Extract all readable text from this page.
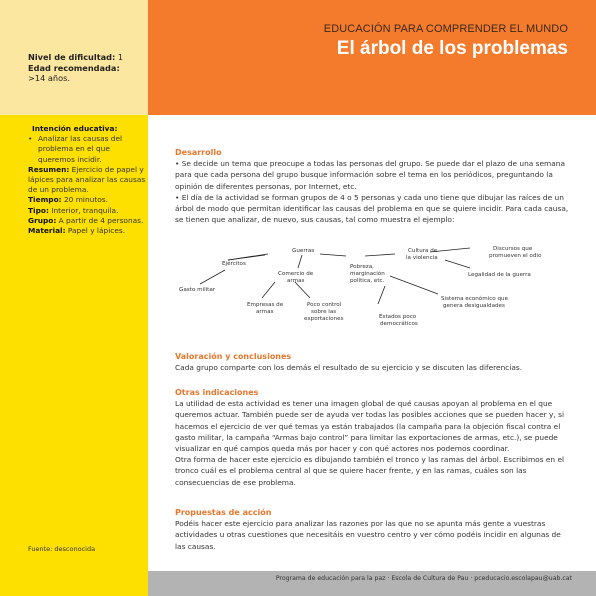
EDUCACIÓN PARA COMPRENDER EL MUNDO
El árbol de los problemas
Nivel de dificultad: 1
Edad recomendada:
>14 años.
Intención educativa:
• Analizar las causas del problema en el que queremos incidir.
Resumen: Ejercicio de papel y lápices para analizar las causas de un problema.
Tiempo: 20 minutos.
Tipo: Interior, tranquila.
Grupo: A partir de 4 personas.
Material: Papel y lápices.
Fuente: desconocida
Desarrollo

• Se decide un tema que preocupe a todas las personas del grupo. Se puede dar el plazo de una semana para que cada persona del grupo busque información sobre el tema en los periódicos, preguntando la opinión de diferentes personas, por Internet, etc.

• El día de la actividad se forman grupos de 4 o 5 personas y cada uno tiene que dibujar las raíces de un árbol de modo que permitan identificar las causas del problema en que se quiere incidir. Para cada causa, se tienen que analizar, de nuevo, sus causas, tal como muestra el ejemplo:

Guerras
Ejércitos
Gasto militar
Comercio de
armas
Empresas de
armas
Poco control
sobre las
exportaciones
Pobreza,
marginación
política, etc.
Estados poco
democráticos
Cultura de
la violencia
Discursos que
promueven el odio
Legalidad de la guerra
Sistema económico que
genera desigualdades
Valoración y conclusiones

Cada grupo comparte con los demás el resultado de su ejercicio y se discuten las diferencias.

Otras indicaciones

La utilidad de esta actividad es tener una imagen global de qué causas apoyan al problema en el que queremos actuar. También puede ser de ayuda ver todas las posibles acciones que se pueden hacer y, si hacemos el ejercicio de ver qué temas ya están trabajados (la campaña para la objeción fiscal contra el gasto militar, la campaña “Armas bajo control” para limitar las exportaciones de armas, etc.), se puede visualizar en qué campos queda más por hacer y con qué actores nos podemos coordinar.

Otra forma de hacer este ejercicio es dibujando también el tronco y las ramas del árbol. Escribimos en el tronco cuál es el problema central al que se quiere hacer frente, y en las ramas, cuáles son las consecuencias de ese problema.

Propuestas de acción

Podéis hacer este ejercicio para analizar las razones por las que no se apunta más gente a vuestras actividades u otras cuestiones que necesitáis en vuestro centro y ver cómo podéis incidir en algunas de las causas.

Programa de educación para la paz · Escola de Cultura de Pau · pceducacio.escolapau@uab.cat
